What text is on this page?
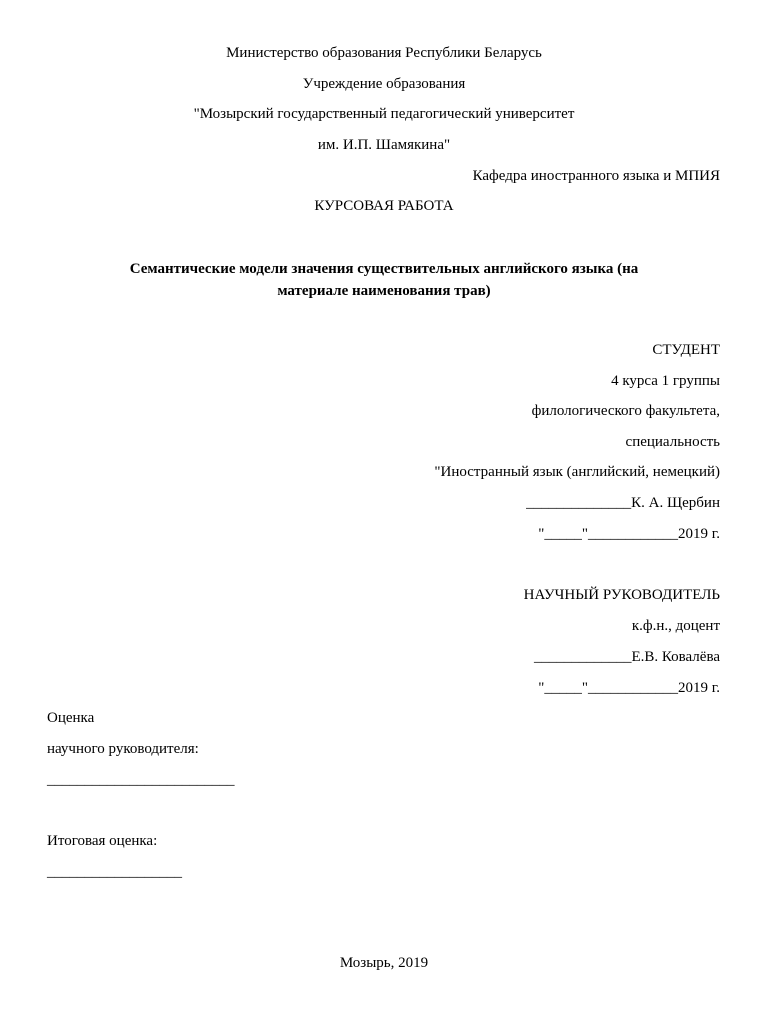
Министерство образования Республики Беларусь
Учреждение образования
"Мозырский государственный педагогический университет
им. И.П. Шамякина"
Кафедра иностранного языка и МПИЯ
КУРСОВАЯ РАБОТА
Семантические модели значения существительных английского языка (на
материале наименования трав)
СТУДЕНТ
4 курса 1 группы
филологического факультета,
специальность
"Иностранный язык (английский, немецкий)
______________К. А. Щербин
"_____"____________2019 г.
НАУЧНЫЙ РУКОВОДИТЕЛЬ
к.ф.н., доцент
_____________Е.В. Ковалёва
"_____"____________2019 г.
Оценка
научного руководителя:
_________________________
Итоговая оценка:
__________________
Мозырь, 2019
